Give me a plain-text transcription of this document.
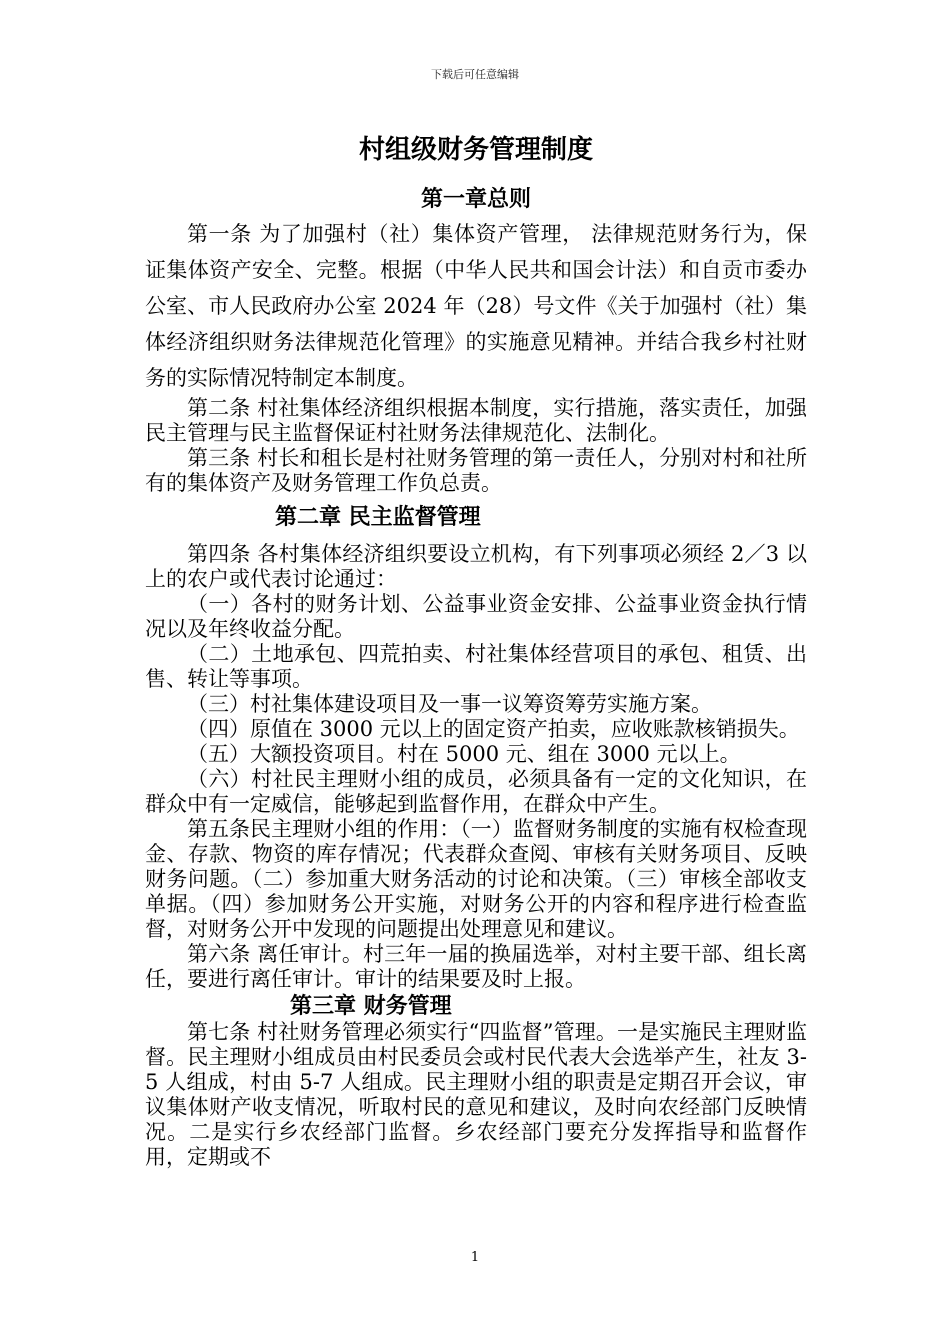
下载后可任意编辑
村组级财务管理制度
第一章总则

第一条 为了加强村（社）集体资产管理， 法律规范财务行为，保证集体资产安全、完整。根据（中华人民共和国会计法）和自贡市委办公室、市人民政府办公室 2024 年（28）号文件《关于加强村（社）集体经济组织财务法律规范化管理》的实施意见精神。并结合我乡村社财务的实际情况特制定本制度。

第二条 村社集体经济组织根据本制度，实行措施，落实责任，加强民主管理与民主监督保证村社财务法律规范化、法制化。

第三条 村长和租长是村社财务管理的第一责任人，分别对村和社所有的集体资产及财务管理工作负总责。

第二章 民主监督管理

第四条 各村集体经济组织要设立机构，有下列事项必须经 2／3 以上的农户或代表讨论通过：

（一）各村的财务计划、公益事业资金安排、公益事业资金执行情况以及年终收益分配。

（二）土地承包、四荒拍卖、村社集体经营项目的承包、租赁、出售、转让等事项。

（三）村社集体建设项目及一事一议筹资筹劳实施方案。

（四）原值在 3000 元以上的固定资产拍卖，应收账款核销损失。

（五）大额投资项目。村在 5000 元、组在 3000 元以上。

（六）村社民主理财小组的成员，必须具备有一定的文化知识，在群众中有一定威信，能够起到监督作用，在群众中产生。

第五条民主理财小组的作用：（一）监督财务制度的实施有权检查现金、存款、物资的库存情况；代表群众查阅、审核有关财务项目、反映财务问题。（二）参加重大财务活动的讨论和决策。（三）审核全部收支单据。（四）参加财务公开实施，对财务公开的内容和程序进行检查监督，对财务公开中发现的问题提出处理意见和建议。

第六条 离任审计。村三年一届的换届选举，对村主要干部、组长离任，要进行离任审计。审计的结果要及时上报。

第三章 财务管理

第七条 村社财务管理必须实行“四监督”管理。一是实施民主理财监督。民主理财小组成员由村民委员会或村民代表大会选举产生，社友 3-5 人组成，村由 5-7 人组成。民主理财小组的职责是定期召开会议，审议集体财产收支情况，听取村民的意见和建议，及时向农经部门反映情况。二是实行乡农经部门监督。乡农经部门要充分发挥指导和监督作用，定期或不

1
